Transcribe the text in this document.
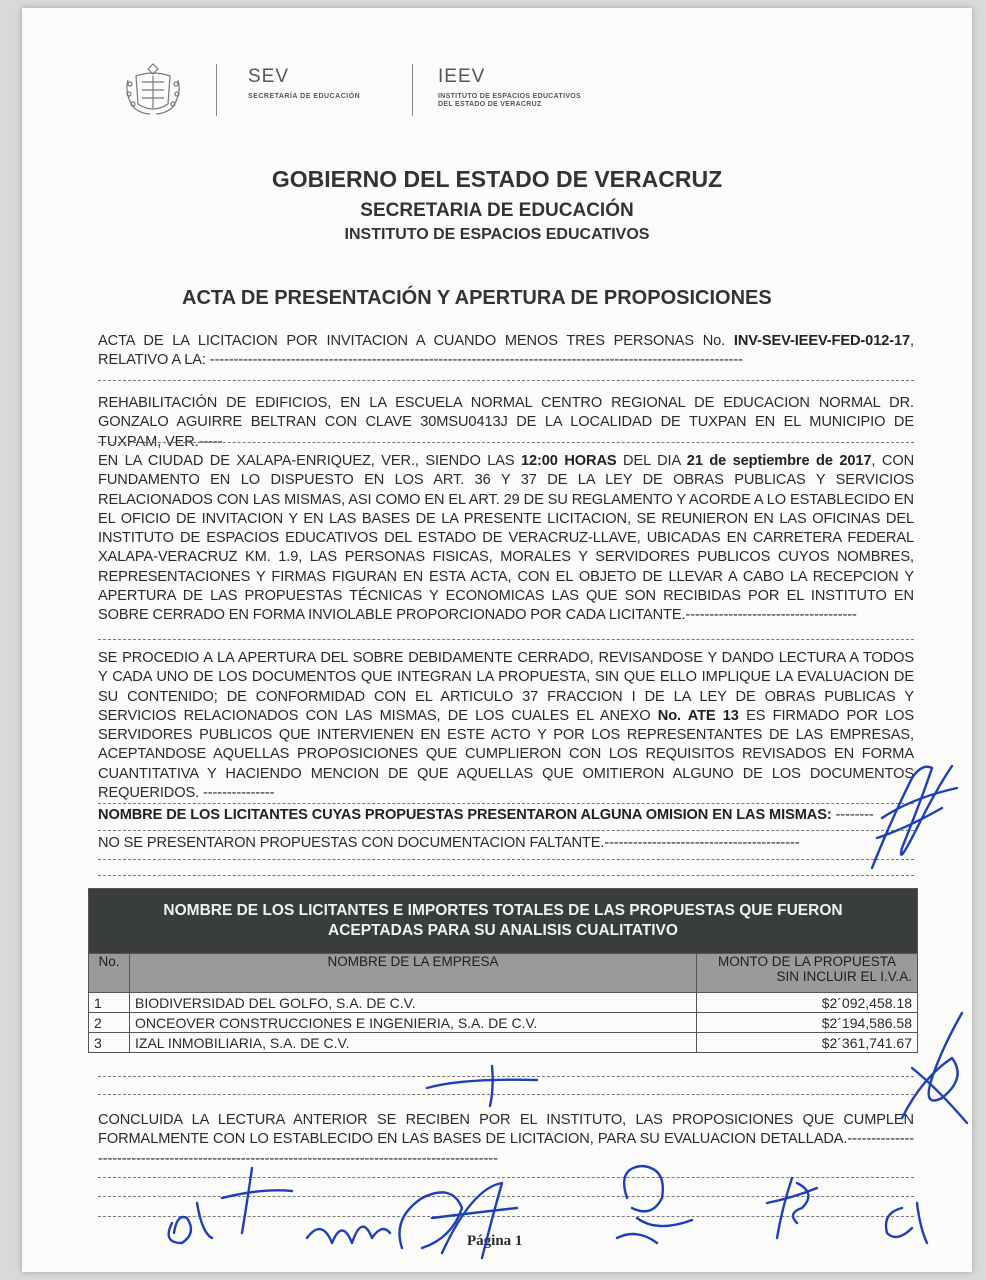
SEV
SECRETARÍA DE EDUCACIÓN
IEEV
INSTITUTO DE ESPACIOS EDUCATIVOS
DEL ESTADO DE VERACRUZ
GOBIERNO DEL ESTADO DE VERACRUZ
SECRETARIA DE EDUCACIÓN
INSTITUTO DE ESPACIOS EDUCATIVOS
ACTA DE PRESENTACIÓN Y APERTURA DE PROPOSICIONES
ACTA DE LA LICITACION POR INVITACION A CUANDO MENOS TRES PERSONAS No. INV-SEV-IEEV-FED-012-17, RELATIVO A LA: ----------------------------------------------------------------------------------------------------------------
REHABILITACIÓN DE EDIFICIOS, EN LA ESCUELA NORMAL CENTRO REGIONAL DE EDUCACION NORMAL DR. GONZALO AGUIRRE BELTRAN CON CLAVE 30MSU0413J DE LA LOCALIDAD DE TUXPAN EN EL MUNICIPIO DE TUXPAM, VER.-----
EN LA CIUDAD DE XALAPA-ENRIQUEZ, VER., SIENDO LAS 12:00 HORAS DEL DIA 21 de septiembre de 2017, CON FUNDAMENTO EN LO DISPUESTO EN LOS ART. 36 Y 37 DE LA LEY DE OBRAS PUBLICAS Y SERVICIOS RELACIONADOS CON LAS MISMAS, ASI COMO EN EL ART. 29 DE SU REGLAMENTO Y ACORDE A LO ESTABLECIDO EN EL OFICIO DE INVITACION Y EN LAS BASES DE LA PRESENTE LICITACION, SE REUNIERON EN LAS OFICINAS DEL INSTITUTO DE ESPACIOS EDUCATIVOS DEL ESTADO DE VERACRUZ-LLAVE, UBICADAS EN CARRETERA FEDERAL XALAPA-VERACRUZ KM. 1.9, LAS PERSONAS FISICAS, MORALES Y SERVIDORES PUBLICOS CUYOS NOMBRES, REPRESENTACIONES Y FIRMAS FIGURAN EN ESTA ACTA, CON EL OBJETO DE LLEVAR A CABO LA RECEPCION Y APERTURA DE LAS PROPUESTAS TÉCNICAS Y ECONOMICAS LAS QUE SON RECIBIDAS POR EL INSTITUTO EN SOBRE CERRADO EN FORMA INVIOLABLE PROPORCIONADO POR CADA LICITANTE.------------------------------------
SE PROCEDIO A LA APERTURA DEL SOBRE DEBIDAMENTE CERRADO, REVISANDOSE Y DANDO LECTURA A TODOS Y CADA UNO DE LOS DOCUMENTOS QUE INTEGRAN LA PROPUESTA, SIN QUE ELLO IMPLIQUE LA EVALUACION DE SU CONTENIDO; DE CONFORMIDAD CON EL ARTICULO 37 FRACCION I DE LA LEY DE OBRAS PUBLICAS Y SERVICIOS RELACIONADOS CON LAS MISMAS, DE LOS CUALES EL ANEXO No. ATE 13 ES FIRMADO POR LOS SERVIDORES PUBLICOS QUE INTERVIENEN EN ESTE ACTO Y POR LOS REPRESENTANTES DE LAS EMPRESAS, ACEPTANDOSE AQUELLAS PROPOSICIONES QUE CUMPLIERON CON LOS REQUISITOS REVISADOS EN FORMA CUANTITATIVA Y HACIENDO MENCION DE QUE AQUELLAS QUE OMITIERON ALGUNO DE LOS DOCUMENTOS REQUERIDOS. ---------------
NOMBRE DE LOS LICITANTES CUYAS PROPUESTAS PRESENTARON ALGUNA OMISION EN LAS MISMAS: --------
NO SE PRESENTARON PROPUESTAS CON DOCUMENTACION FALTANTE.-----------------------------------------
NOMBRE DE LOS LICITANTES E IMPORTES TOTALES DE LAS PROPUESTAS QUE FUERON
ACEPTADAS PARA SU ANALISIS CUALITATIVO		

No.	NOMBRE DE LA EMPRESA	MONTO DE LA PROPUESTA
SIN INCLUIR EL I.V.A.

1	BIODIVERSIDAD DEL GOLFO, S.A. DE C.V.	$2´092,458.18
2	ONCEOVER CONSTRUCCIONES E INGENIERIA, S.A. DE C.V.	$2´194,586.58
3	IZAL INMOBILIARIA, S.A. DE C.V.	$2´361,741.67
CONCLUIDA LA LECTURA ANTERIOR SE RECIBEN POR EL INSTITUTO, LAS PROPOSICIONES QUE CUMPLEN FORMALMENTE CON LO ESTABLECIDO EN LAS BASES DE LICITACION, PARA SU EVALUACION DETALLADA.--------------------------------------------------------------------------------------------------
Página 1
